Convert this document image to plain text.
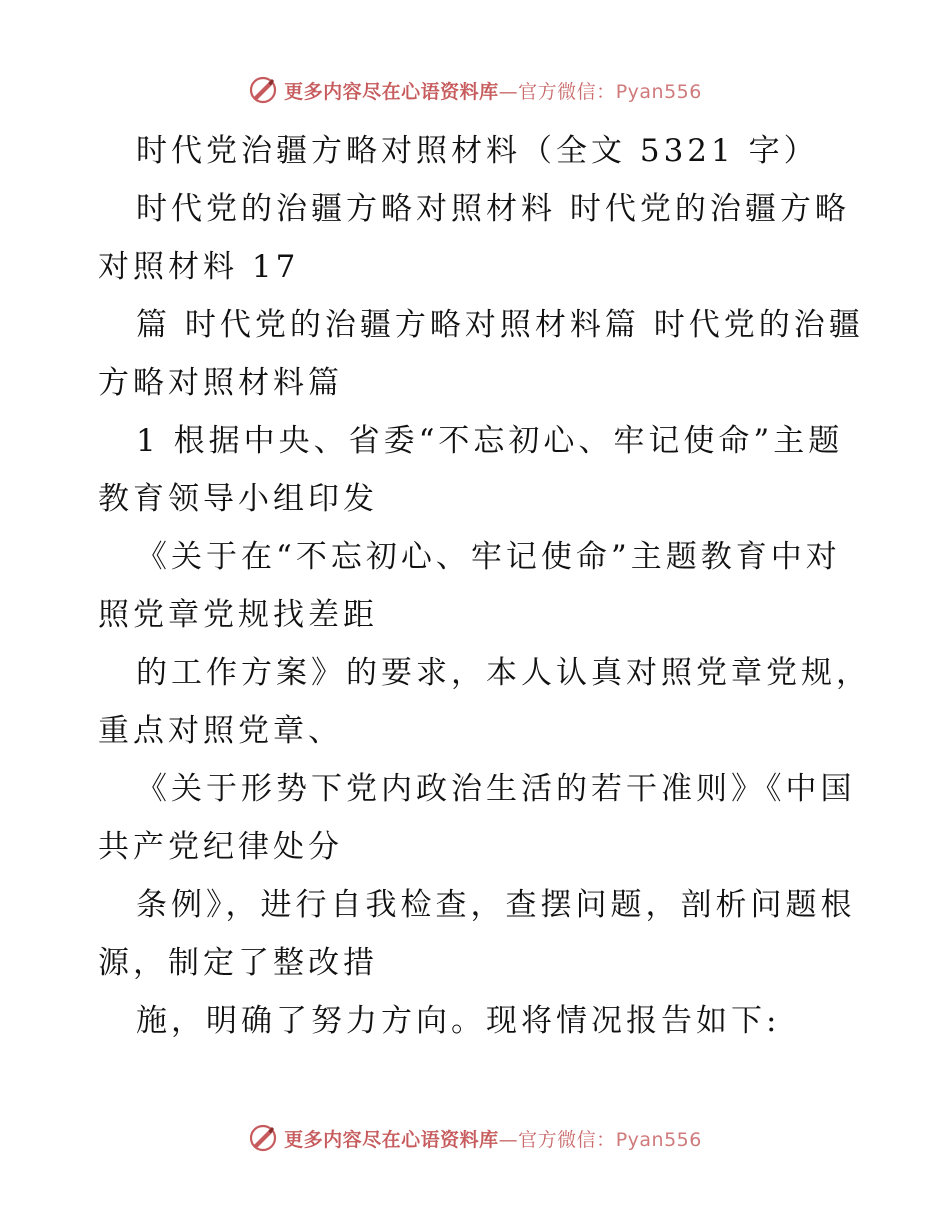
更多内容尽在心语资料库—官方微信：Pyan556
时代党治疆方略对照材料（全文 5321 字）
时代党的治疆方略对照材料 时代党的治疆方略
对照材料 17
篇 时代党的治疆方略对照材料篇 时代党的治疆
方略对照材料篇
1 根据中央、省委“不忘初心、牢记使命”主题
教育领导小组印发
《关于在“不忘初心、牢记使命”主题教育中对
照党章党规找差距
的工作方案》的要求，本人认真对照党章党规，
重点对照党章、
《关于形势下党内政治生活的若干准则》《中国
共产党纪律处分
条例》，进行自我检查，查摆问题，剖析问题根
源，制定了整改措
施，明确了努力方向。现将情况报告如下:
更多内容尽在心语资料库—官方微信：Pyan556
